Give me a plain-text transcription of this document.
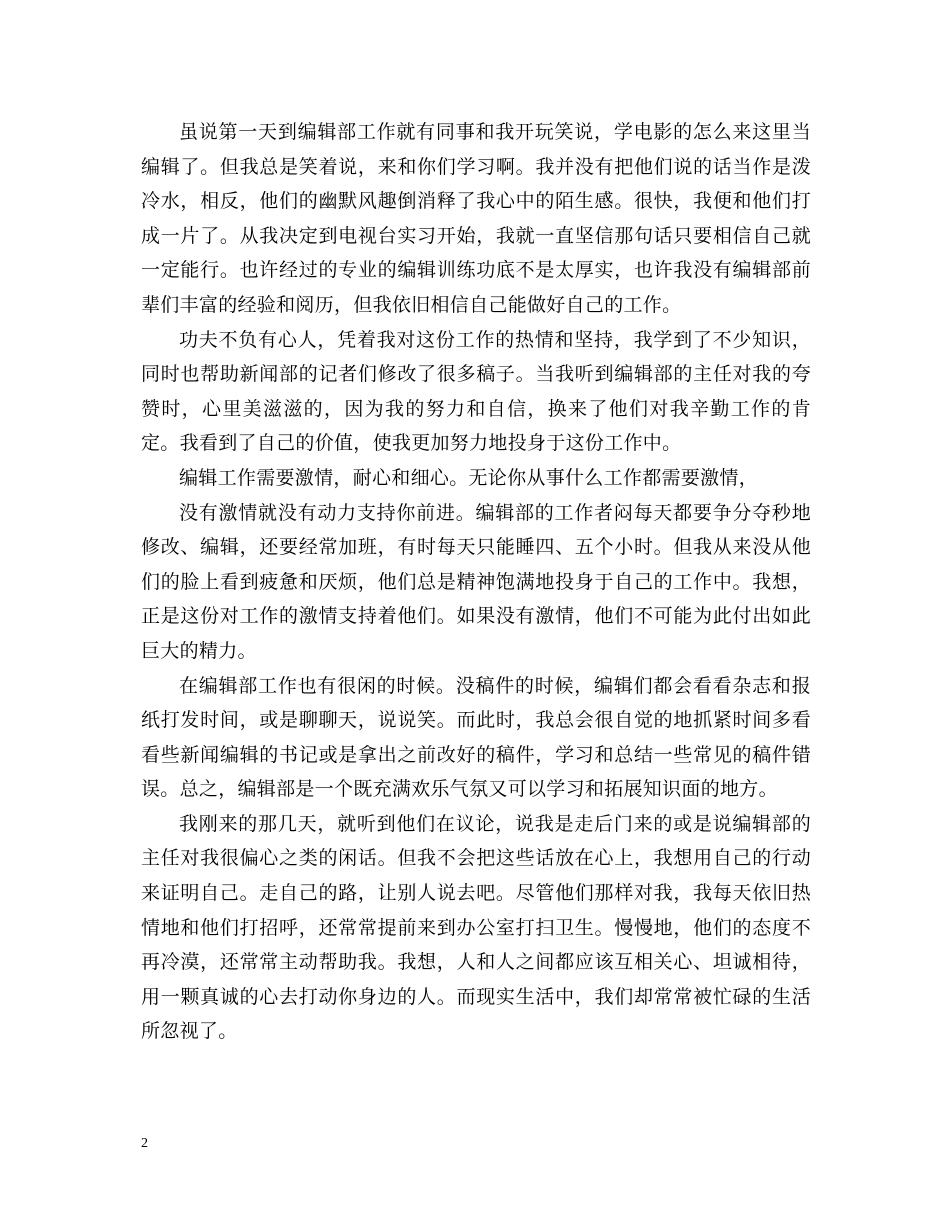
虽说第一天到编辑部工作就有同事和我开玩笑说，学电影的怎么来这里当编辑了。但我总是笑着说，来和你们学习啊。我并没有把他们说的话当作是泼冷水，相反，他们的幽默风趣倒消释了我心中的陌生感。很快，我便和他们打成一片了。从我决定到电视台实习开始，我就一直坚信那句话只要相信自己就一定能行。也许经过的专业的编辑训练功底不是太厚实，也许我没有编辑部前辈们丰富的经验和阅历，但我依旧相信自己能做好自己的工作。

功夫不负有心人，凭着我对这份工作的热情和坚持，我学到了不少知识，同时也帮助新闻部的记者们修改了很多稿子。当我听到编辑部的主任对我的夸赞时，心里美滋滋的，因为我的努力和自信，换来了他们对我辛勤工作的肯定。我看到了自己的价值，使我更加努力地投身于这份工作中。

编辑工作需要激情，耐心和细心。无论你从事什么工作都需要激情，

没有激情就没有动力支持你前进。编辑部的工作者闷每天都要争分夺秒地修改、编辑，还要经常加班，有时每天只能睡四、五个小时。但我从来没从他们的脸上看到疲惫和厌烦，他们总是精神饱满地投身于自己的工作中。我想，正是这份对工作的激情支持着他们。如果没有激情，他们不可能为此付出如此巨大的精力。

在编辑部工作也有很闲的时候。没稿件的时候，编辑们都会看看杂志和报纸打发时间，或是聊聊天，说说笑。而此时，我总会很自觉的地抓紧时间多看看些新闻编辑的书记或是拿出之前改好的稿件，学习和总结一些常见的稿件错误。总之，编辑部是一个既充满欢乐气氛又可以学习和拓展知识面的地方。

我刚来的那几天，就听到他们在议论，说我是走后门来的或是说编辑部的主任对我很偏心之类的闲话。但我不会把这些话放在心上，我想用自己的行动来证明自己。走自己的路，让别人说去吧。尽管他们那样对我，我每天依旧热情地和他们打招呼，还常常提前来到办公室打扫卫生。慢慢地，他们的态度不再冷漠，还常常主动帮助我。我想，人和人之间都应该互相关心、坦诚相待，用一颗真诚的心去打动你身边的人。而现实生活中，我们却常常被忙碌的生活所忽视了。

2
